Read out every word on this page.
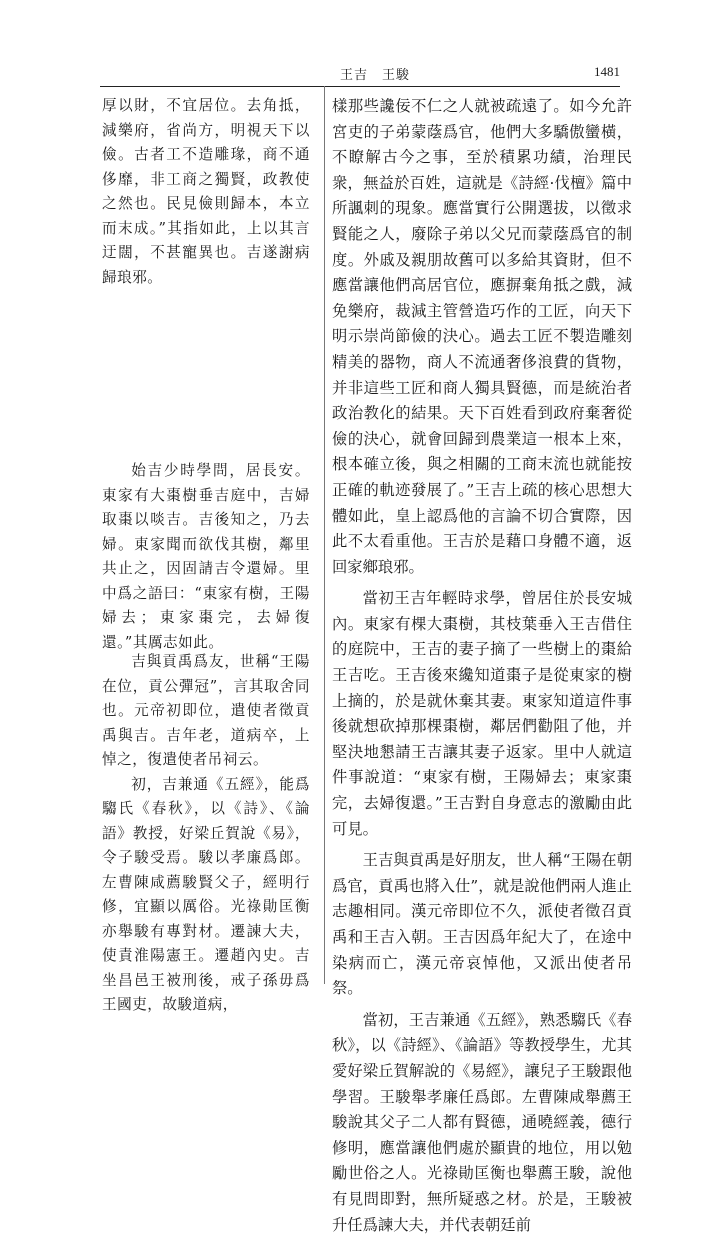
王吉　王駿	1481

厚以財，不宜居位。去角抵，減樂府，省尚方，明視天下以儉。古者工不造雕瑑，商不通侈靡，非工商之獨賢，政教使之然也。民見儉則歸本，本立而末成。”其指如此，上以其言迂闊，不甚寵異也。吉遂謝病歸琅邪。

始吉少時學問，居長安。東家有大棗樹垂吉庭中，吉婦取棗以啖吉。吉後知之，乃去婦。東家聞而欲伐其樹，鄰里共止之，因固請吉令還婦。里中爲之語曰：“東家有樹，王陽婦去；東家棗完，去婦復還。”其厲志如此。

吉與貢禹爲友，世稱“王陽在位，貢公彈冠”，言其取舍同也。元帝初即位，遣使者徵貢禹與吉。吉年老，道病卒，上悼之，復遣使者吊祠云。

初，吉兼通《五經》，能爲騶氏《春秋》，以《詩》、《論語》教授，好梁丘賀說《易》，令子駿受焉。駿以孝廉爲郎。左曹陳咸薦駿賢父子，經明行修，宜顯以厲俗。光祿勛匡衡亦舉駿有專對材。遷諫大夫，使責淮陽憲王。遷趙內史。吉坐昌邑王被刑後，戒子孫毋爲王國吏，故駿道病，

樣那些讒佞不仁之人就被疏遠了。如今允許宮吏的子弟蒙蔭爲官，他們大多驕傲蠻橫，不瞭解古今之事，至於積累功績，治理民衆，無益於百姓，這就是《詩經·伐檀》篇中所諷刺的現象。應當實行公開選拔，以徵求賢能之人，廢除子弟以父兄而蒙蔭爲官的制度。外戚及親朋故舊可以多給其資財，但不應當讓他們高居官位，應摒棄角抵之戲，減免樂府，裁減主管營造巧作的工匠，向天下明示崇尚節儉的決心。過去工匠不製造雕刻精美的器物，商人不流通奢侈浪費的貨物，并非這些工匠和商人獨具賢德，而是統治者政治教化的結果。天下百姓看到政府棄奢從儉的決心，就會回歸到農業這一根本上來，根本確立後，與之相關的工商末流也就能按正確的軌迹發展了。”王吉上疏的核心思想大體如此，皇上認爲他的言論不切合實際，因此不太看重他。王吉於是藉口身體不適，返回家鄉琅邪。

當初王吉年輕時求學，曾居住於長安城內。東家有棵大棗樹，其枝葉垂入王吉借住的庭院中，王吉的妻子摘了一些樹上的棗給王吉吃。王吉後來纔知道棗子是從東家的樹上摘的，於是就休棄其妻。東家知道這件事後就想砍掉那棵棗樹，鄰居們勸阻了他，并堅決地懇請王吉讓其妻子返家。里中人就這件事說道：“東家有樹，王陽婦去；東家棗完，去婦復還。”王吉對自身意志的激勵由此可見。

王吉與貢禹是好朋友，世人稱“王陽在朝爲官，貢禹也將入仕”，就是說他們兩人進止志趣相同。漢元帝即位不久，派使者徵召貢禹和王吉入朝。王吉因爲年紀大了，在途中染病而亡，漢元帝哀悼他，又派出使者吊祭。

當初，王吉兼通《五經》，熟悉騶氏《春秋》，以《詩經》、《論語》等教授學生，尤其愛好梁丘賀解說的《易經》，讓兒子王駿跟他學習。王駿舉孝廉任爲郎。左曹陳咸舉薦王駿說其父子二人都有賢德，通曉經義，德行修明，應當讓他們處於顯貴的地位，用以勉勵世俗之人。光祿勛匡衡也舉薦王駿，說他有見問即對，無所疑惑之材。於是，王駿被升任爲諫大夫，并代表朝廷前
